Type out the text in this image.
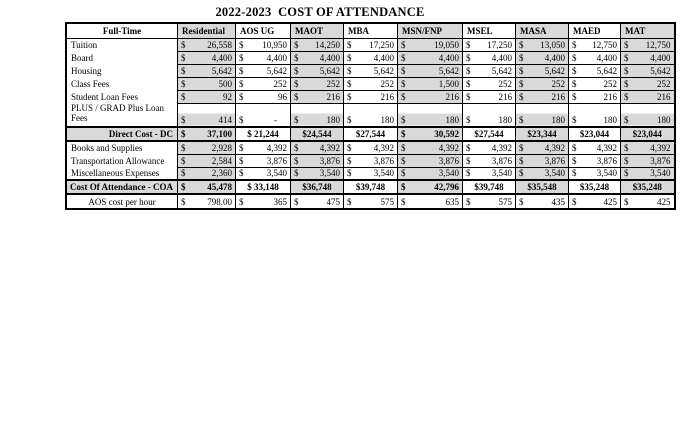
2022-2023  COST OF ATTENDANCE
Full-Time	Residential	AOS UG	MAOT	MBA	MSN/FNP	MSEL	MASA	MAED	MAT
Tuition	$ 26,558	$ 10,950	$ 14,250	$ 17,250	$ 19,050	$ 17,250	$ 13,050	$ 12,750	$ 12,750

Board	$ 4,400	$ 4,400	$ 4,400	$ 4,400	$ 4,400	$ 4,400	$ 4,400	$ 4,400	$ 4,400

Housing	$ 5,642	$ 5,642	$ 5,642	$ 5,642	$ 5,642	$ 5,642	$ 5,642	$ 5,642	$ 5,642

Class Fees	$ 500	$ 252	$ 252	$ 252	$ 1,500	$ 252	$ 252	$ 252	$ 252

Student Loan Fees	$ 92	$ 96	$ 216	$ 216	$ 216	$ 216	$ 216	$ 216	$ 216

PLUS / GRAD Plus Loan Fees	$ 414	$ -	$ 180	$ 180	$ 180	$ 180	$ 180	$ 180	$ 180

Direct Cost - DC	$ 37,100	$ 21,244	$24,544	$27,544	$ 30,592	$27,544	$23,344	$23,044	$23,044
Books and Supplies	$ 2,928	$ 4,392	$ 4,392	$ 4,392	$ 4,392	$ 4,392	$ 4,392	$ 4,392	$ 4,392

Transportation Allowance	$ 2,584	$ 3,876	$ 3,876	$ 3,876	$ 3,876	$ 3,876	$ 3,876	$ 3,876	$ 3,876

Miscellaneous Expenses	$ 2,360	$ 3,540	$ 3,540	$ 3,540	$ 3,540	$ 3,540	$ 3,540	$ 3,540	$ 3,540

Cost Of Attendance - COA	$ 45,478	$ 33,148	$36,748	$39,748	$ 42,796	$39,748	$35,548	$35,248	$35,248
AOS cost per hour	$ 798.00	$ 365	$ 475	$ 575	$ 635	$ 575	$ 435	$ 425	$ 425
